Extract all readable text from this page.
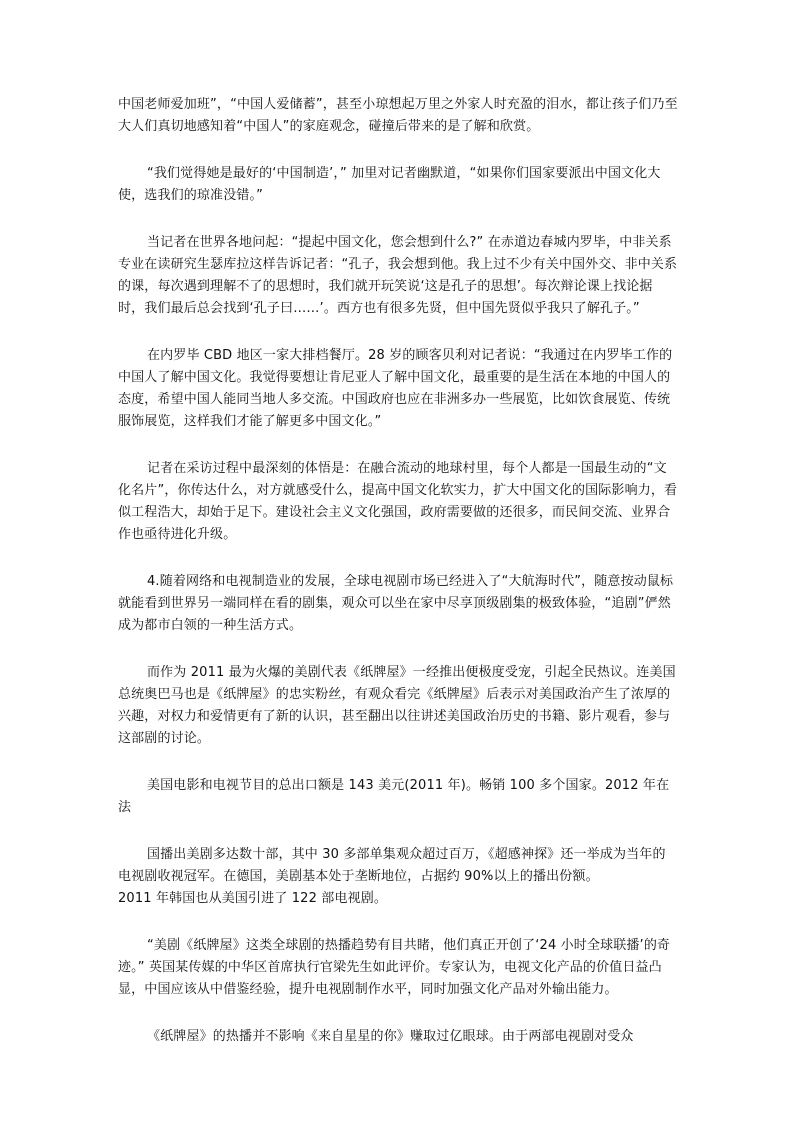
中国老师爱加班”，“中国人爱储蓄”，甚至小琼想起万里之外家人时充盈的泪水，都让孩子们乃至大人们真切地感知着“中国人”的家庭观念，碰撞后带来的是了解和欣赏。

“我们觉得她是最好的‘中国制造’，” 加里对记者幽默道，“如果你们国家要派出中国文化大使，选我们的琼准没错。”

当记者在世界各地问起：“提起中国文化，您会想到什么?” 在赤道边春城内罗毕，中非关系专业在读研究生瑟库拉这样告诉记者：“孔子，我会想到他。我上过不少有关中国外交、非中关系的课，每次遇到理解不了的思想时，我们就开玩笑说‘这是孔子的思想’。每次辩论课上找论据时，我们最后总会找到‘孔子曰……’。西方也有很多先贤，但中国先贤似乎我只了解孔子。”

在内罗毕 CBD 地区一家大排档餐厅。28 岁的顾客贝利对记者说：“我通过在内罗毕工作的中国人了解中国文化。我觉得要想让肯尼亚人了解中国文化，最重要的是生活在本地的中国人的态度，希望中国人能同当地人多交流。中国政府也应在非洲多办一些展览，比如饮食展览、传统服饰展览，这样我们才能了解更多中国文化。”

记者在采访过程中最深刻的体悟是：在融合流动的地球村里，每个人都是一国最生动的“文化名片”，你传达什么，对方就感受什么，提高中国文化软实力，扩大中国文化的国际影响力，看似工程浩大，却始于足下。建设社会主义文化强国，政府需要做的还很多，而民间交流、业界合作也亟待进化升级。

4.随着网络和电视制造业的发展，全球电视剧市场已经进入了“大航海时代”，随意按动鼠标就能看到世界另一端同样在看的剧集，观众可以坐在家中尽享顶级剧集的极致体验，“追剧”俨然成为都市白领的一种生活方式。

而作为 2011 最为火爆的美剧代表《纸牌屋》一经推出便极度受宠，引起全民热议。连美国总统奥巴马也是《纸牌屋》的忠实粉丝，有观众看完《纸牌屋》后表示对美国政治产生了浓厚的兴趣，对权力和爱情更有了新的认识，甚至翻出以往讲述美国政治历史的书籍、影片观看，参与这部剧的讨论。

美国电影和电视节目的总出口额是 143 美元(2011 年)。畅销 100 多个国家。2012 年在法

国播出美剧多达数十部，其中 30 多部单集观众超过百万，《超感神探》还一举成为当年的电视剧收视冠军。在德国，美剧基本处于垄断地位，占据约 90%以上的播出份额。
2011 年韩国也从美国引进了 122 部电视剧。

“美剧《纸牌屋》这类全球剧的热播趋势有目共睹，他们真正开创了‘24 小时全球联播’的奇迹。” 英国某传媒的中华区首席执行官梁先生如此评价。专家认为，电视文化产品的价值日益凸显，中国应该从中借鉴经验，提升电视剧制作水平，同时加强文化产品对外输出能力。

《纸牌屋》的热播并不影响《来自星星的你》赚取过亿眼球。由于两部电视剧对受众
